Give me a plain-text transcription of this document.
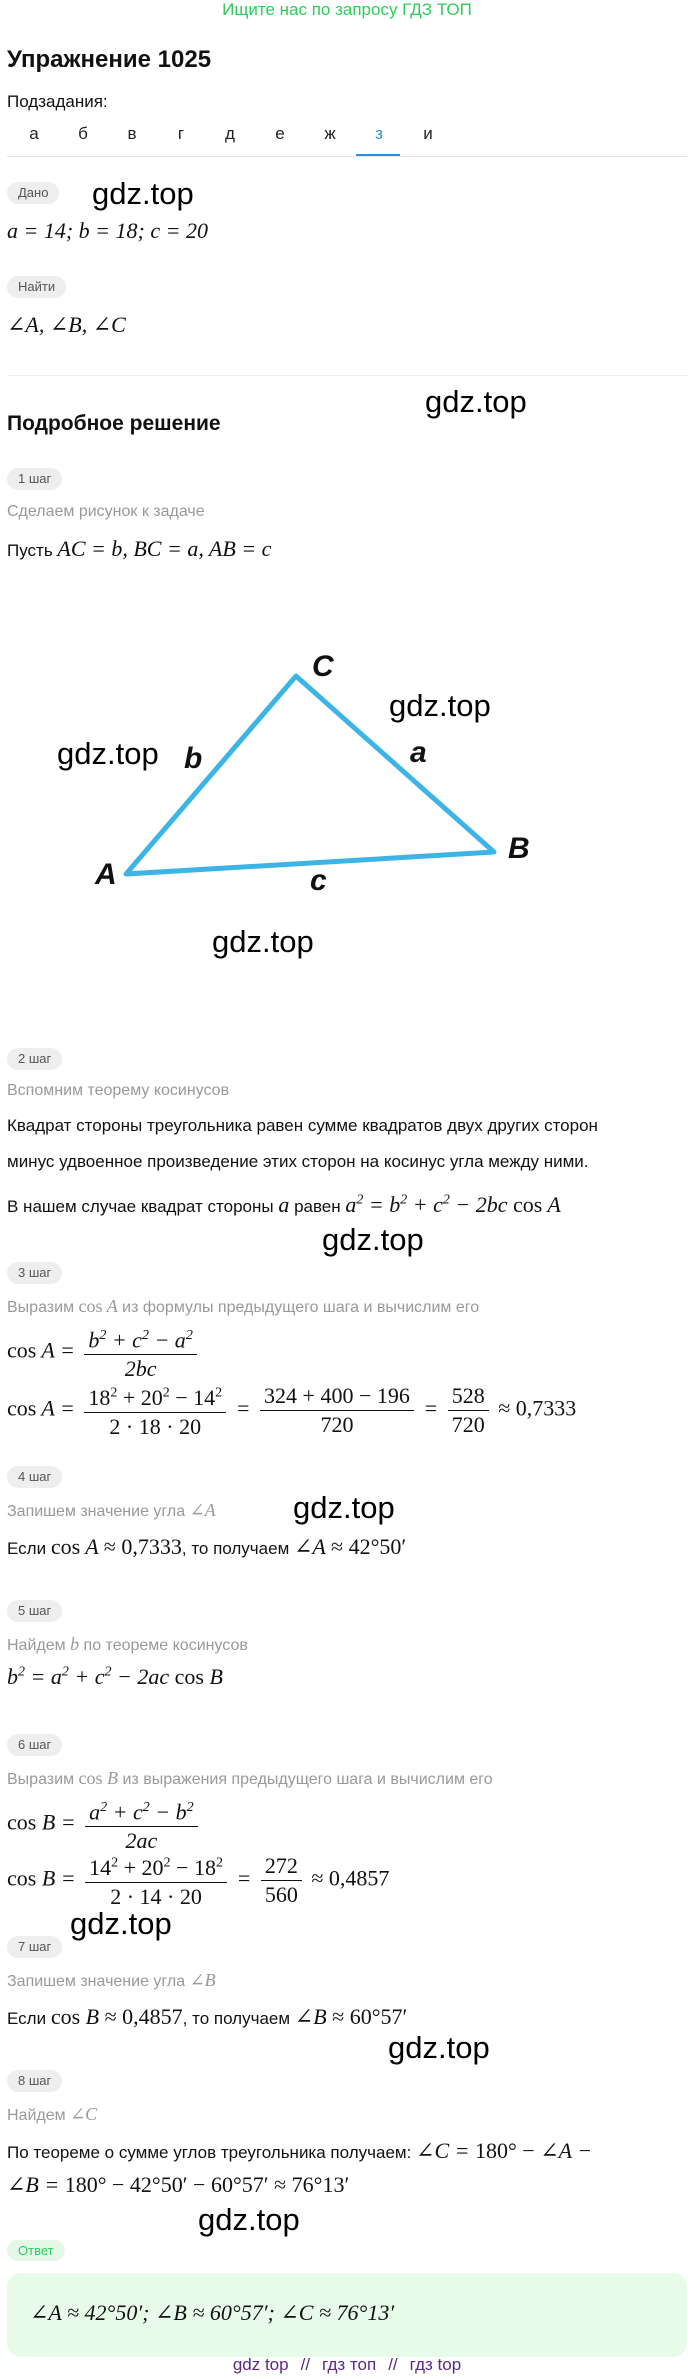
Ищите нас по запросу ГДЗ ТОП
Упражнение 1025
Подзадания:
а	б	в	г	д	е	ж	з	и
Дано	gdz.top
a = 14; b = 18; c = 20
Найти
∠A, ∠B, ∠C
Подробное решение
gdz.top
1 шаг
Сделаем рисунок к задаче
Пусть AC = b, BC = a, AB = c
A
C
B
b	a
c
gdz.top
gdz.top
gdz.top
2 шаг
Вспомним теорему косинусов
Квадрат стороны треугольника равен сумме квадратов двух других сторон
минус удвоенное произведение этих сторон на косинус угла между ними.
В нашем случае квадрат стороны a равен $a^2 = b^2 + c^2 - 2bc$ cos A
gdz.top
3 шаг
Выразим cos A из формулы предыдущего шага и вычислим его
$\cos A = \frac{b^2 + c^2 - a^2}{2bc}$
$\cos A = \frac{18^2 + 20^2 - 14^2}{2 \cdot 18 \cdot 20} = \frac{324 + 400 - 196}{720} = \frac{528}{720} \approx 0,7333$
4 шаг
gdz.top
Запишем значение угла ∠A
Если cos A ≈ 0,7333, то получаем ∠A ≈ 42°50′
5 шаг
Найдем b по теореме косинусов
$b^2 = a^2 + c^2 - 2ac$ cos B
6 шаг
Выразим cos B из выражения предыдущего шага и вычислим его
$\cos B = \frac{a^2 + c^2 - b^2}{2ac}$
$\cos B = \frac{14^2 + 20^2 - 18^2}{2 \cdot 14 \cdot 20} = \frac{272}{560} \approx 0,4857$
gdz.top
7 шаг
Запишем значение угла ∠B
Если cos B ≈ 0,4857, то получаем ∠B ≈ 60°57′
gdz.top
8 шаг
Найдем ∠C
По теореме о сумме углов треугольника получаем: ∠C = 180° − ∠A −
∠B = 180° − 42°50′ − 60°57′ ≈ 76°13′
gdz.top
Ответ
∠A ≈ 42°50′; ∠B ≈ 60°57′; ∠C ≈ 76°13′
gdz top // гдз топ // гдз top
